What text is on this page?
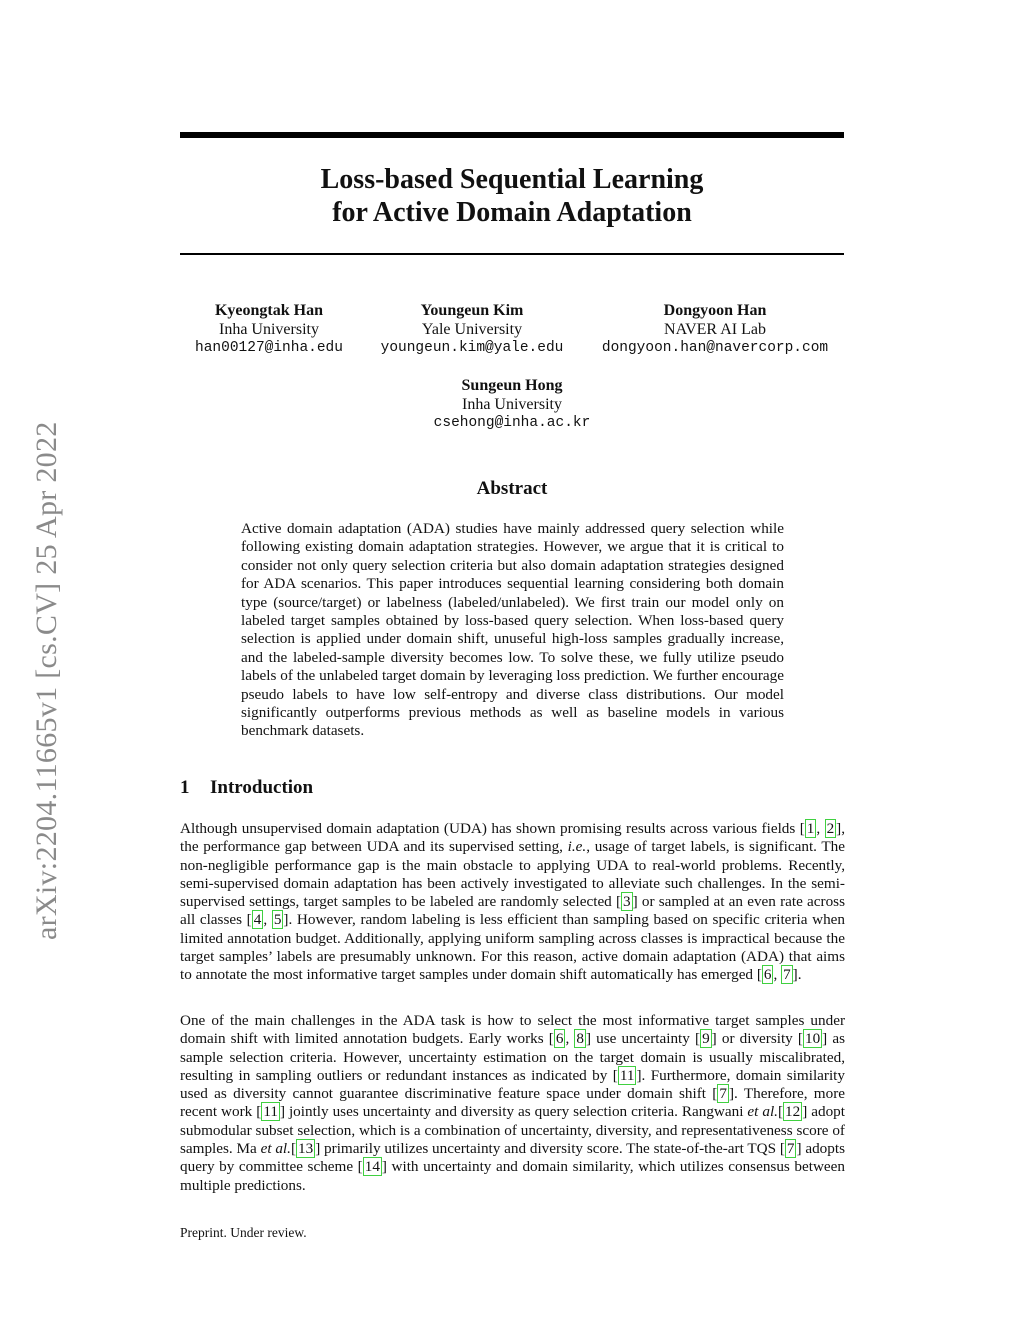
arXiv:2204.11665v1 [cs.CV] 25 Apr 2022
Loss-based Sequential Learning
for Active Domain Adaptation
Kyeongtak Han
Inha University
han00127@inha.edu
Youngeun Kim
Yale University
youngeun.kim@yale.edu
Dongyoon Han
NAVER AI Lab
dongyoon.han@navercorp.com
Sungeun Hong
Inha University
csehong@inha.ac.kr
Abstract
Active domain adaptation (ADA) studies have mainly addressed query selection while following existing domain adaptation strategies. However, we argue that it is critical to consider not only query selection criteria but also domain adaptation strategies designed for ADA scenarios. This paper introduces sequential learning considering both domain type (source/target) or labelness (labeled/unlabeled). We first train our model only on labeled target samples obtained by loss-based query selection. When loss-based query selection is applied under domain shift, unuseful high-loss samples gradually increase, and the labeled-sample diversity becomes low. To solve these, we fully utilize pseudo labels of the unlabeled target domain by leveraging loss prediction. We further encourage pseudo labels to have low self-entropy and diverse class distributions. Our model significantly outperforms previous methods as well as baseline models in various benchmark datasets.
1 Introduction
Although unsupervised domain adaptation (UDA) has shown promising results across various fields [ 1 , 2 ], the performance gap between UDA and its supervised setting, i.e., usage of target labels, is significant. The non-negligible performance gap is the main obstacle to applying UDA to real-world problems. Recently, semi-supervised domain adaptation has been actively investigated to alleviate such challenges. In the semi-supervised settings, target samples to be labeled are randomly selected [ 3 ] or sampled at an even rate across all classes [ 4 , 5 ]. However, random labeling is less efficient than sampling based on specific criteria when limited annotation budget. Additionally, applying uniform sampling across classes is impractical because the target samples’ labels are presumably unknown. For this reason, active domain adaptation (ADA) that aims to annotate the most informative target samples under domain shift automatically has emerged [ 6 , 7 ].
One of the main challenges in the ADA task is how to select the most informative target samples under domain shift with limited annotation budgets. Early works [ 6 , 8 ] use uncertainty [ 9 ] or diversity [ 10 ] as sample selection criteria. However, uncertainty estimation on the target domain is usually miscalibrated, resulting in sampling outliers or redundant instances as indicated by [ 11 ]. Furthermore, domain similarity used as diversity cannot guarantee discriminative feature space under domain shift [ 7 ]. Therefore, more recent work [ 11 ] jointly uses uncertainty and diversity as query selection criteria. Rangwani et al.[ 12 ] adopt submodular subset selection, which is a combination of uncertainty, diversity, and representativeness score of samples. Ma et al.[ 13 ] primarily utilizes uncertainty and diversity score. The state-of-the-art TQS [ 7 ] adopts query by committee scheme [ 14 ] with uncertainty and domain similarity, which utilizes consensus between multiple predictions.
Preprint. Under review.
